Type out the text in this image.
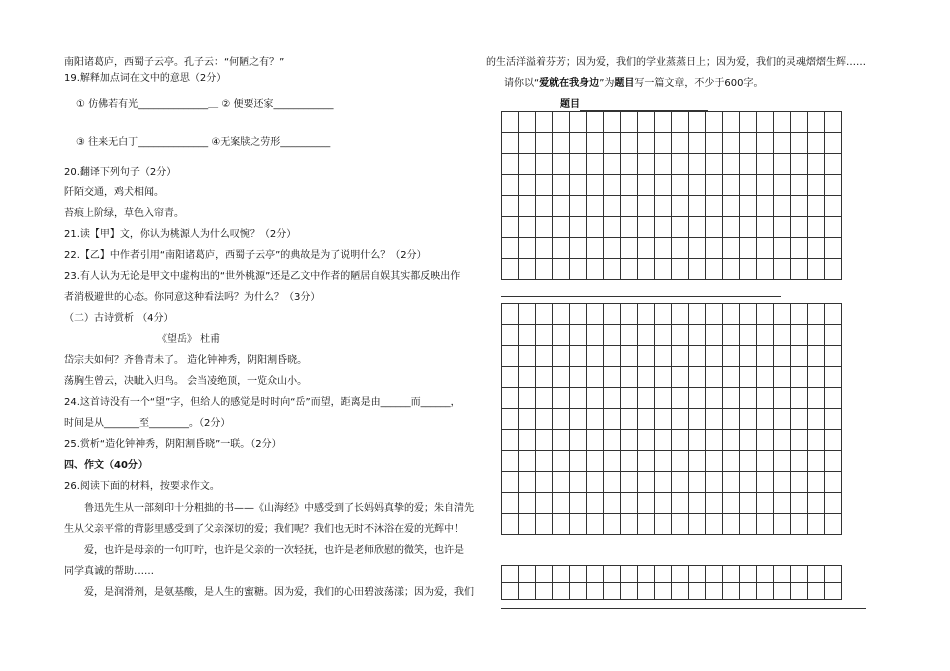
南阳诸葛庐，西蜀子云亭。孔子云：“何陋之有？”
19.解释加点词在文中的意思（2分）
① 仿佛若有光______________＿ ② 便要还家____________
③ 往来无白丁______________ ④无案牍之劳形__________
20.翻译下列句子（2分）
阡陌交通，鸡犬相闻。
苔痕上阶绿，草色入帘青。
21.读【甲】文，你认为桃源人为什么叹惋？（2分）
22.【乙】中作者引用“南阳诸葛庐，西蜀子云亭”的典故是为了说明什么？（2分）
23.有人认为无论是甲文中虚构出的“世外桃源”还是乙文中作者的陋居自娱其实都反映出作
者消极避世的心态。你同意这种看法吗？为什么？（3分）
（二）古诗赏析 （4分）
《望岳》 杜甫
岱宗夫如何？齐鲁青未了。 造化钟神秀，阴阳割昏晓。
荡胸生曾云，决眦入归鸟。 会当凌绝顶，一览众山小。
24.这首诗没有一个“望”字，但给人的感觉是时时向“岳”而望，距离是由______而______，
时间是从_______至________。（2分）
25.赏析“造化钟神秀，阴阳割昏晓”一联。（2分）
四、作文（40分）
26.阅读下面的材料，按要求作文。
鲁迅先生从一部刻印十分粗拙的书——《山海经》中感受到了长妈妈真挚的爱；朱自清先
生从父亲平常的背影里感受到了父亲深切的爱；我们呢？我们也无时不沐浴在爱的光辉中！
爱，也许是母亲的一句叮咛，也许是父亲的一次轻抚，也许是老师欣慰的微笑，也许是
同学真诚的帮助……
爱，是润滑剂，是氨基酸，是人生的蜜糖。因为爱，我们的心田碧波荡漾；因为爱，我们
的生活洋溢着芬芳；因为爱，我们的学业蒸蒸日上；因为爱，我们的灵魂熠熠生辉……
请你以“爱就在我身边”为题目写一篇文章，不少于600字。
题目
